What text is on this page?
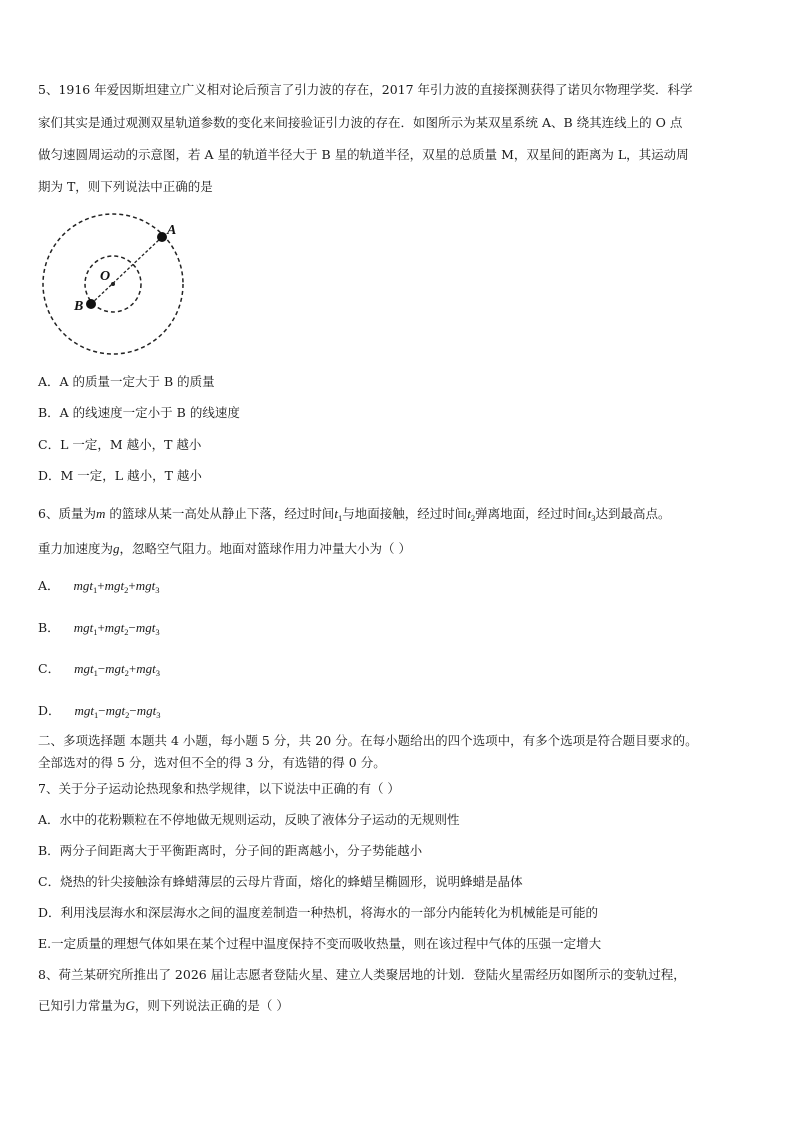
5、1916 年爱因斯坦建立广义相对论后预言了引力波的存在，2017 年引力波的直接探测获得了诺贝尔物理学奖．科学
家们其实是通过观测双星轨道参数的变化来间接验证引力波的存在．如图所示为某双星系统 A、B 绕其连线上的 O 点
做匀速圆周运动的示意图，若 A 星的轨道半径大于 B 星的轨道半径，双星的总质量 M，双星间的距离为 L，其运动周
期为 T，则下列说法中正确的是
A
B
O
A．A 的质量一定大于 B 的质量
B．A 的线速度一定小于 B 的线速度
C．L 一定，M 越小，T 越小
D．M 一定，L 越小，T 越小
6、质量为m 的篮球从某一高处从静止下落，经过时间$t_1$与地面接触，经过时间$t_2$弹离地面，经过时间$t_3$达到最高点。
重力加速度为g，忽略空气阻力。地面对篮球作用力冲量大小为（ ）
A． mgt$_1$+mgt$_2$+mgt$_3$
B． mgt$_1$+mgt$_2$−mgt$_3$
C． mgt$_1$−mgt$_2$+mgt$_3$
D． mgt$_1$−mgt$_2$−mgt$_3$
二、多项选择题 本题共 4 小题，每小题 5 分，共 20 分。在每小题给出的四个选项中，有多个选项是符合题目要求的。
全部选对的得 5 分，选对但不全的得 3 分，有选错的得 0 分。
7、关于分子运动论热现象和热学规律，以下说法中正确的有（ ）
A．水中的花粉颗粒在不停地做无规则运动，反映了液体分子运动的无规则性
B．两分子间距离大于平衡距离时，分子间的距离越小，分子势能越小
C．烧热的针尖接触涂有蜂蜡薄层的云母片背面，熔化的蜂蜡呈椭圆形，说明蜂蜡是晶体
D．利用浅层海水和深层海水之间的温度差制造一种热机，将海水的一部分内能转化为机械能是可能的
E.一定质量的理想气体如果在某个过程中温度保持不变而吸收热量，则在该过程中气体的压强一定增大
8、荷兰某研究所推出了 2026 届让志愿者登陆火星、建立人类聚居地的计划．登陆火星需经历如图所示的变轨过程，
已知引力常量为G，则下列说法正确的是（ ）
